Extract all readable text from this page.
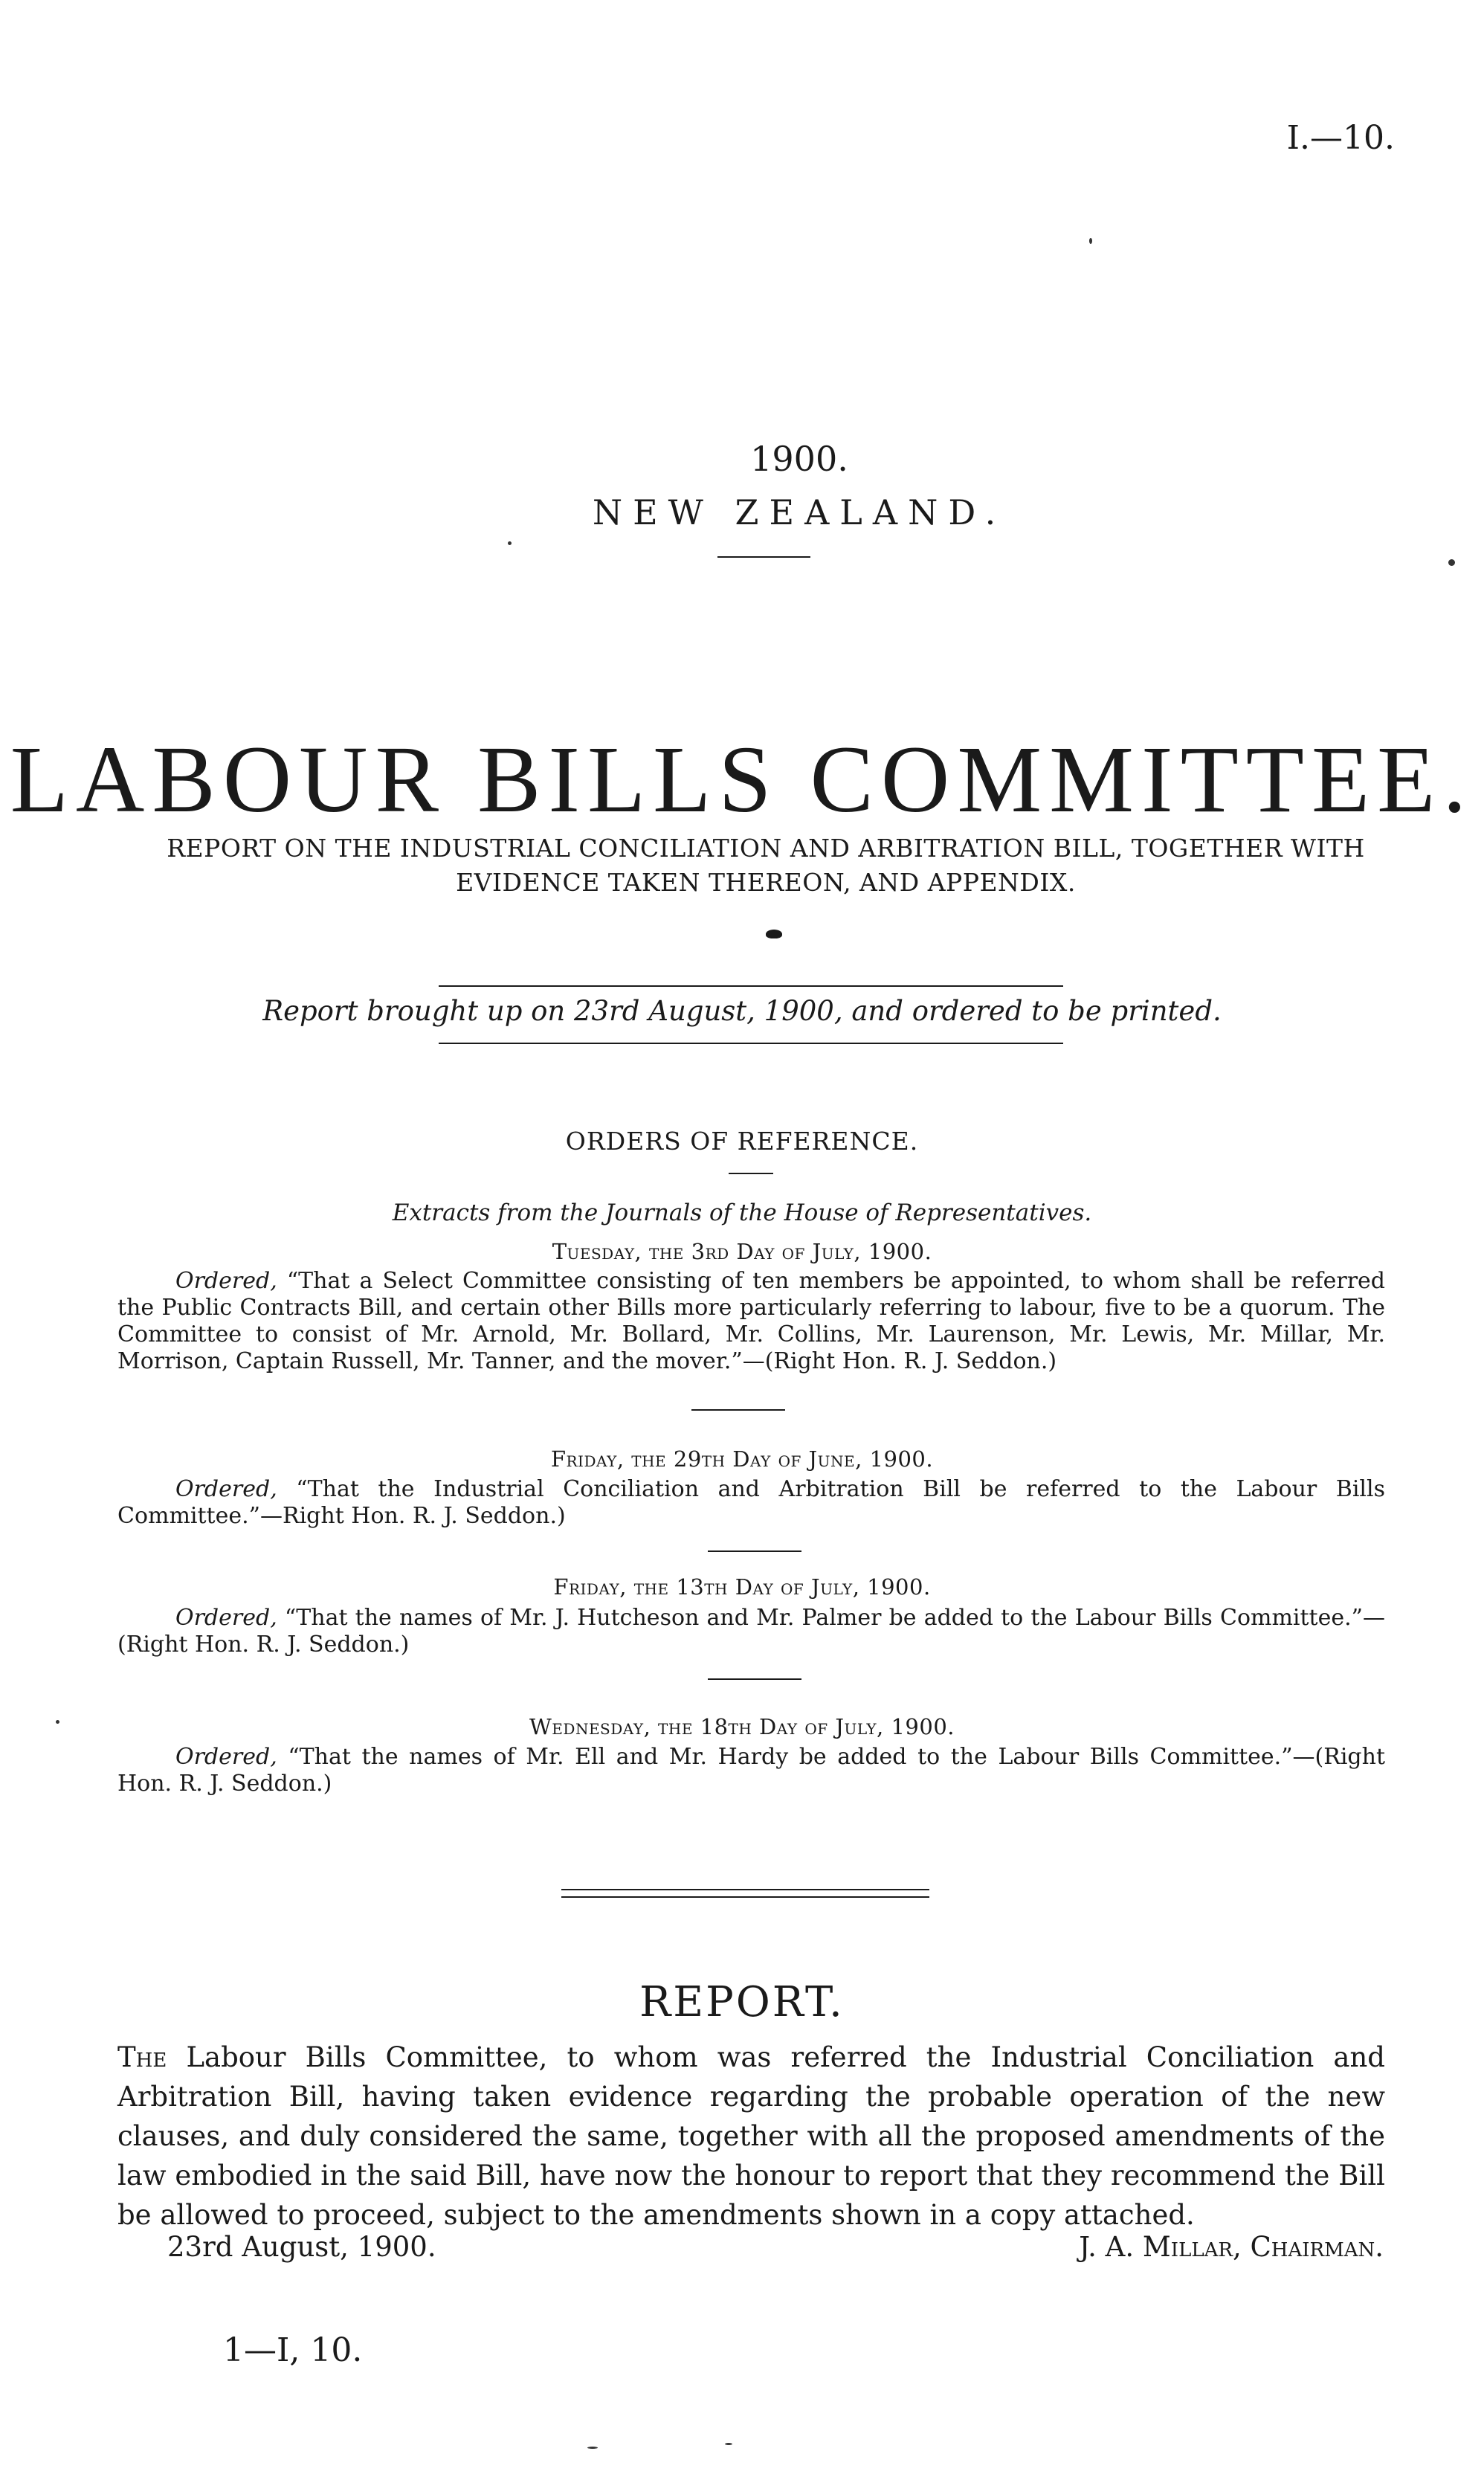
I.—10.
1900.
NEW ZEALAND.
LABOUR BILLS COMMITTEE.
REPORT ON THE INDUSTRIAL CONCILIATION AND ARBITRATION BILL, TOGETHER WITH EVIDENCE TAKEN THEREON, AND APPENDIX.
Report brought up on 23rd August, 1900, and ordered to be printed.
ORDERS OF REFERENCE.
Extracts from the Journals of the House of Representatives.
Tuesday, the 3rd Day of July, 1900.
Ordered, “That a Select Committee consisting of ten members be appointed, to whom shall be referred the Public Contracts Bill, and certain other Bills more particularly referring to labour, five to be a quorum. The Committee to consist of Mr. Arnold, Mr. Bollard, Mr. Collins, Mr. Laurenson, Mr. Lewis, Mr. Millar, Mr. Morrison, Captain Russell, Mr. Tanner, and the mover.”—(Right Hon. R. J. Seddon.)
Friday, the 29th Day of June, 1900.
Ordered, “That the Industrial Conciliation and Arbitration Bill be referred to the Labour Bills Committee.”—Right Hon. R. J. Seddon.)
Friday, the 13th Day of July, 1900.
Ordered, “That the names of Mr. J. Hutcheson and Mr. Palmer be added to the Labour Bills Committee.”—(Right Hon. R. J. Seddon.)
Wednesday, the 18th Day of July, 1900.
Ordered, “That the names of Mr. Ell and Mr. Hardy be added to the Labour Bills Committee.”—(Right Hon. R. J. Seddon.)
REPORT.
The Labour Bills Committee, to whom was referred the Industrial Conciliation and Arbitration Bill, having taken evidence regarding the probable operation of the new clauses, and duly considered the same, together with all the proposed amendments of the law embodied in the said Bill, have now the honour to report that they recommend the Bill be allowed to proceed, subject to the amendments shown in a copy attached.
23rd August, 1900.	J. A. Millar, Chairman.
1—I, 10.
